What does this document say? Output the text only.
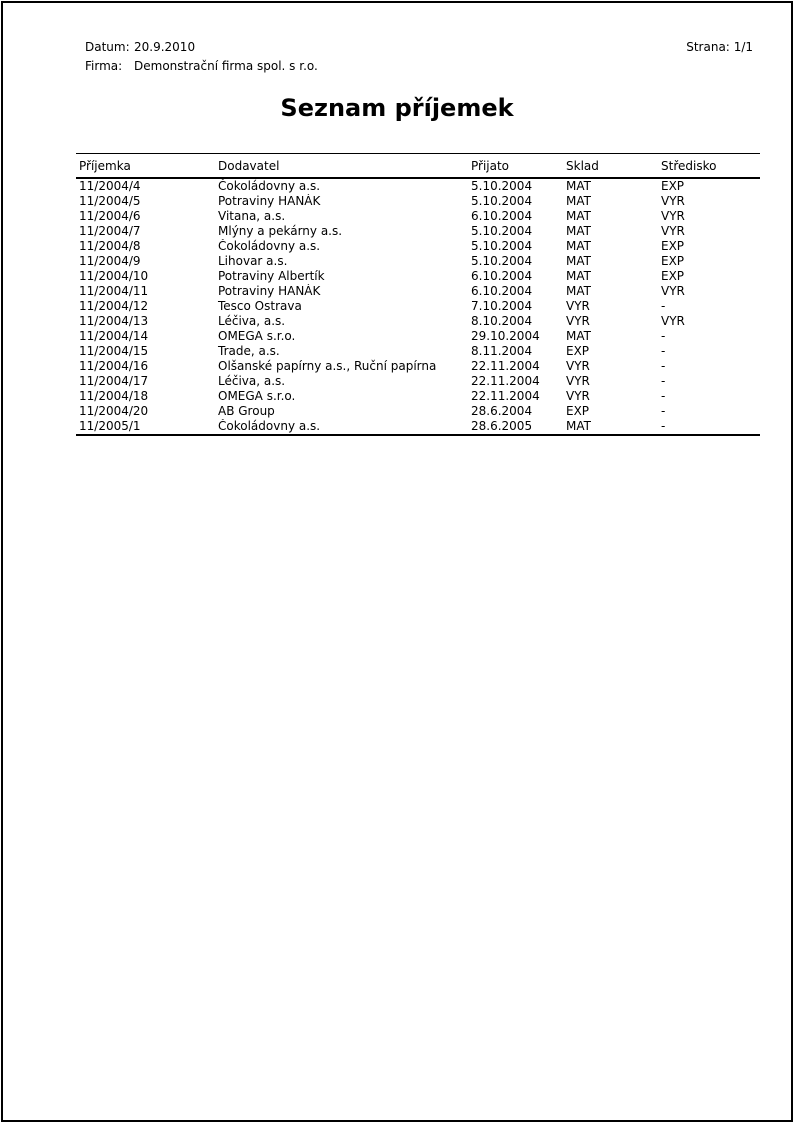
Datum: 20.9.2010
Firma: Demonstrační firma spol. s r.o.
Strana: 1/1
Seznam příjemek
Příjemka	Dodavatel	Přijato	Sklad	Středisko
11/2004/4	Čokoládovny a.s.	5.10.2004	MAT	EXP
11/2004/5	Potraviny HANÁK	5.10.2004	MAT	VYR
11/2004/6	Vitana, a.s.	6.10.2004	MAT	VYR
11/2004/7	Mlýny a pekárny a.s.	5.10.2004	MAT	VYR
11/2004/8	Čokoládovny a.s.	5.10.2004	MAT	EXP
11/2004/9	Lihovar a.s.	5.10.2004	MAT	EXP
11/2004/10	Potraviny Albertík	6.10.2004	MAT	EXP
11/2004/11	Potraviny HANÁK	6.10.2004	MAT	VYR
11/2004/12	Tesco Ostrava	7.10.2004	VYR	-
11/2004/13	Léčiva, a.s.	8.10.2004	VYR	VYR
11/2004/14	OMEGA s.r.o.	29.10.2004	MAT	-
11/2004/15	Trade, a.s.	8.11.2004	EXP	-
11/2004/16	Olšanské papírny a.s., Ruční papírna	22.11.2004	VYR	-
11/2004/17	Léčiva, a.s.	22.11.2004	VYR	-
11/2004/18	OMEGA s.r.o.	22.11.2004	VYR	-
11/2004/20	AB Group	28.6.2004	EXP	-
11/2005/1	Čokoládovny a.s.	28.6.2005	MAT	-
